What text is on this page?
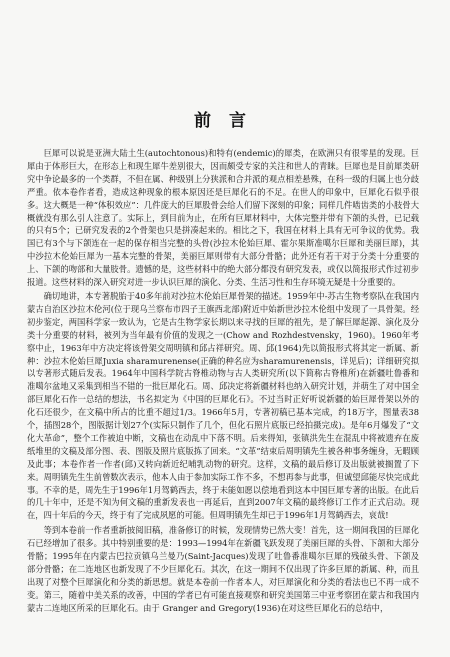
前 言

巨犀可以说是亚洲大陆土生(autochtonous)和特有(endemic)的犀类，在欧洲只有很零星的发现。巨犀由于体形巨大，在形态上和现生犀牛差别很大，因而颇受专家的关注和世人的青睐。巨犀也是目前犀类研究中争论最多的一个类群，不但在属、种级别上分狭派和合并派的观点相差悬殊，在科一级的归属上也分歧严重。依本卷作者看，造成这种现象的根本原因还是巨犀化石的不足。在世人的印象中，巨犀化石似乎很多。这大概是一种“体积效应”：几件庞大的巨犀股骨会给人们留下深刻的印象；同样几件啮齿类的小肢骨大概就没有那么引人注意了。实际上，到目前为止，在所有巨犀材料中，大体完整并带有下颌的头骨，已记载的只有5个；已研究发表的2个骨架也只是拼凑起来的。相比之下，我国在材料上具有无可争议的优势。我国已有3个与下颌连在一起的保存相当完整的头骨(沙拉木伦始巨犀、霍尔果斯准噶尔巨犀和美丽巨犀)，其中沙拉木伦始巨犀为一基本完整的骨架，美丽巨犀则带有大部分骨骼；此外还有若干对于分类十分重要的上、下颌的吻部和大量肢骨。遗憾的是，这些材料中的绝大部分都没有研究发表，或仅以简报形式作过初步报道。这些材料的深入研究对进一步认识巨犀的演化、分类、生活习性和生存环境无疑是十分重要的。

确切地讲，本专著脱胎于40多年前对沙拉木伦始巨犀骨架的描述。1959年中-苏古生物考察队在我国内蒙古自治区沙拉木伦河(位于现乌兰察布市四子王旗西北部)附近中始新世沙拉木伦组中发现了一具骨架。经初步鉴定，两国科学家一致认为，它是古生物学家长期以来寻找的巨犀的祖先，是了解巨犀起源、演化及分类十分重要的材料，被列为当年最有价值的发现之一(Chow and Rozhdestvensky，1960)。1960年考察中止，1963年中方决定将该骨架交周明镇和邱占祥研究。周、邱(1964)先以简报形式将其定一新属、新种：沙拉木伦始巨犀Juxia sharamurenense(正确的种名应为sharamurenensis，详见后)；详细研究拟以专著形式随后发表。1964年中国科学院古脊椎动物与古人类研究所(以下简称古脊椎所)在新疆吐鲁番和准噶尔盆地又采集到相当不错的一批巨犀化石。周、邱决定将新疆材料也纳入研究计划，并萌生了对中国全部巨犀化石作一总结的想法，书名拟定为《中国的巨犀化石》。不过当时正好听说新疆的始巨犀骨架以外的化石还很少，在文稿中所占的比重不超过1/3。1966年5月，专著初稿已基本完成，约18万字，图量表38个，插图28个，图版据计划27个(实际只制作了几个，但化石照片底版已经拍摄完成)。是年6月爆发了“文化大革命”，整个工作被迫中断，文稿也在动乱中下落不明。后来得知，张镇洪先生在混乱中将被遗弃在废纸堆里的文稿及部分图、表、图版及照片底版拣了回来。“文革”结束后周明镇先生被各种事务缠身，无暇顾及此事；本卷作者一作者(邱)又转向新近纪哺乳动物的研究。这样，文稿的最后修订及出版就被搁置了下来。周明镇先生生前曾数次表示，他本人由于参加实际工作不多，不想再参与此事，但诚望邱能尽快完成此事。不幸的是，周先生于1996年1月驾鹤西去，终于未能如愿以偿地看到这本中国巨犀专著的出版。在此后的几十年中，还是不知为何文稿的重新发表也一再延后，直到2007年文稿的最终修订工作才正式启动。现在，四十年后的今天，终于有了完成夙愿的可能。但周明镇先生却已于1996年1月驾鹤西去，哀哉!

等到本卷前一作者重新披阅旧稿，准备修订的时候，发现情势已然大变！首先，这一期间我国的巨犀化石已经增加了很多。其中特别重要的是：1993—1994年在新疆飞跃发现了美丽巨犀的头骨、下颌和大部分骨骼；1995年在内蒙古巴拉贡镇乌兰曼乃(Saint-Jacques)发现了吐鲁番准噶尔巨犀的残破头骨、下颌及部分骨骼；在二连地区也新发现了不少巨犀化石。其次，在这一期间不仅出现了许多巨犀的新属、种，而且出现了对整个巨犀演化和分类的新思想。就是本卷前一作者本人，对巨犀演化和分类的看法也已不再一成不变。第三，随着中美关系的改善，中国的学者已有可能直接观察和研究美国第三中亚考察团在蒙古和我国内蒙古二连地区所采的巨犀化石。由于 Granger and Gregory(1936)在对这些巨犀化石的总结中，
